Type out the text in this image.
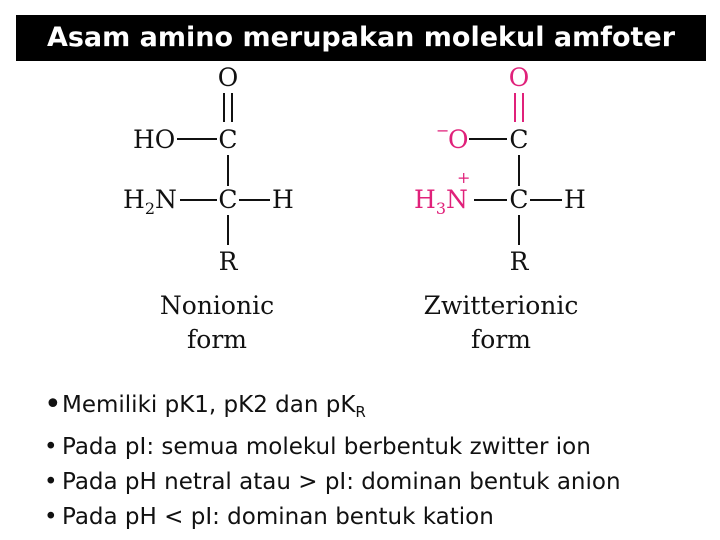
Asam amino merupakan molekul amfoter
O
HO C
$H_2N$ C H
R
Nonionic
form
O
−
O C
$H_3N$
+
C H
R
Zwitterionic
form
•Memiliki pK1, pK2 dan $pK_R$
• Pada pI: semua molekul berbentuk zwitter ion
• Pada pH netral atau > pI: dominan bentuk anion
• Pada pH < pI: dominan bentuk kation
